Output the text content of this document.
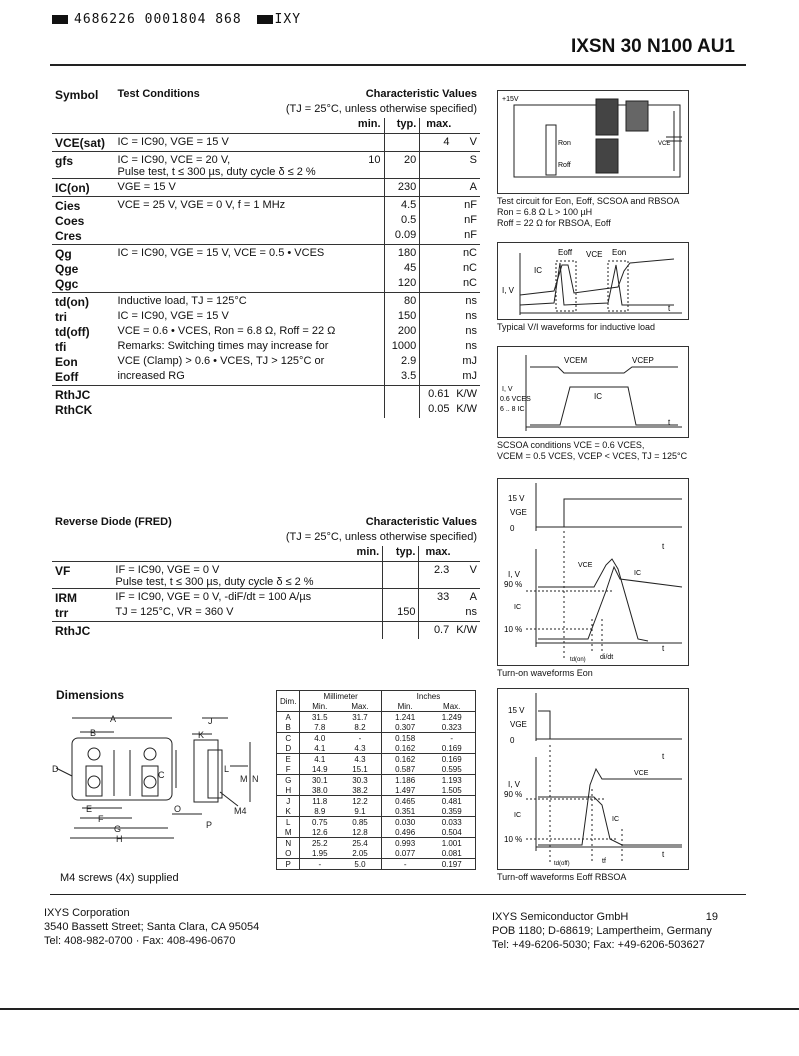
4686226 0001804 868	IXY
IXSN 30 N100 AU1
Symbol	Test Conditions	Characteristic Values			
	(TJ = 25°C, unless otherwise specified)				
		min.	typ.	max.	
VCE(sat)	IC = IC90, VGE = 15 V			4	V
gfs	IC = IC90, VCE = 20 V,
Pulse test, t ≤ 300 µs, duty cycle δ ≤ 2 %	10	20		S
IC(on)	VGE = 15 V		230		A
Cies	VCE = 25 V, VGE = 0 V, f = 1 MHz		4.5		nF
Coes			0.5		nF
Cres			0.09		nF
Qg	IC = IC90, VGE = 15 V, VCE = 0.5 • VCES		180		nC
Qge			45		nC
Qgc			120		nC
td(on)	Inductive load, TJ = 125°C		80		ns
tri	IC = IC90, VGE = 15 V		150		ns
td(off)	VCE = 0.6 • VCES, Ron = 6.8 Ω, Roff = 22 Ω		200		ns
tfi	Remarks: Switching times may increase for		1000		ns
Eon	VCE (Clamp) > 0.6 • VCES, TJ > 125°C or		2.9		mJ
Eoff	increased RG		3.5		mJ
RthJC				0.61	K/W
RthCK				0.05	K/W
Reverse Diode (FRED)		Characteristic Values			
	(TJ = 25°C, unless otherwise specified)				
		min.	typ.	max.	
VF	IF = IC90, VGE = 0 V
Pulse test, t ≤ 300 µs, duty cycle δ ≤ 2 %			2.3	V
IRM	IF = IC90, VGE = 0 V, -diF/dt = 100 A/µs			33	A
trr	TJ = 125°C, VR = 360 V		150		ns
RthJC				0.7	K/W
Dimensions
A
B
D
E
F
G
H
C
J
K
L
M N
M4
O
P
M4 screws (4x) supplied
Dim.	Millimeter		Inches	
	Min.	Max.	Min.	Max.
A	31.5	31.7	1.241	1.249
B	7.8	8.2	0.307	0.323
C	4.0	-	0.158	-
D	4.1	4.3	0.162	0.169
E	4.1	4.3	0.162	0.169
F	14.9	15.1	0.587	0.595
G	30.1	30.3	1.186	1.193
H	38.0	38.2	1.497	1.505
J	11.8	12.2	0.465	0.481
K	8.9	9.1	0.351	0.359
L	0.75	0.85	0.030	0.033
M	12.6	12.8	0.496	0.504
N	25.2	25.4	0.993	1.001
O	1.95	2.05	0.077	0.081
P	-	5.0	-	0.197
+15V
Ron
Roff
VCE
Test circuit for Eon, Eoff, SCSOA and RBSOA
Ron = 6.8 Ω L > 100 µH
Roff = 22 Ω for RBSOA, Eoff
Eoff VCE Eon
IC
I, V
t
Typical V/I waveforms for inductive load
VCEM	VCEP
I, V
0.6 VCES
6 .. 8 IC
IC
t
SCSOA conditions VCE = 0.6 VCES,
VCEM = 0.5 VCES, VCEP < VCES, TJ = 125°C
15 V
VGE
0
t
I, V
90 %
VCE
IC
IC
10 %
td(on) di/dt
t
Turn-on waveforms Eon
15 V
VGE
0
t
I, V
90 %
VCE
IC
IC
10 %
td(off)	tf
t
Turn-off waveforms Eoff RBSOA
IXYS Corporation
3540 Bassett Street; Santa Clara, CA 95054
Tel: 408-982-0700 · Fax: 408-496-0670
IXYS Semiconductor GmbH	19
POB 1180; D-68619; Lampertheim, Germany
Tel: +49-6206-5030; Fax: +49-6206-503627
